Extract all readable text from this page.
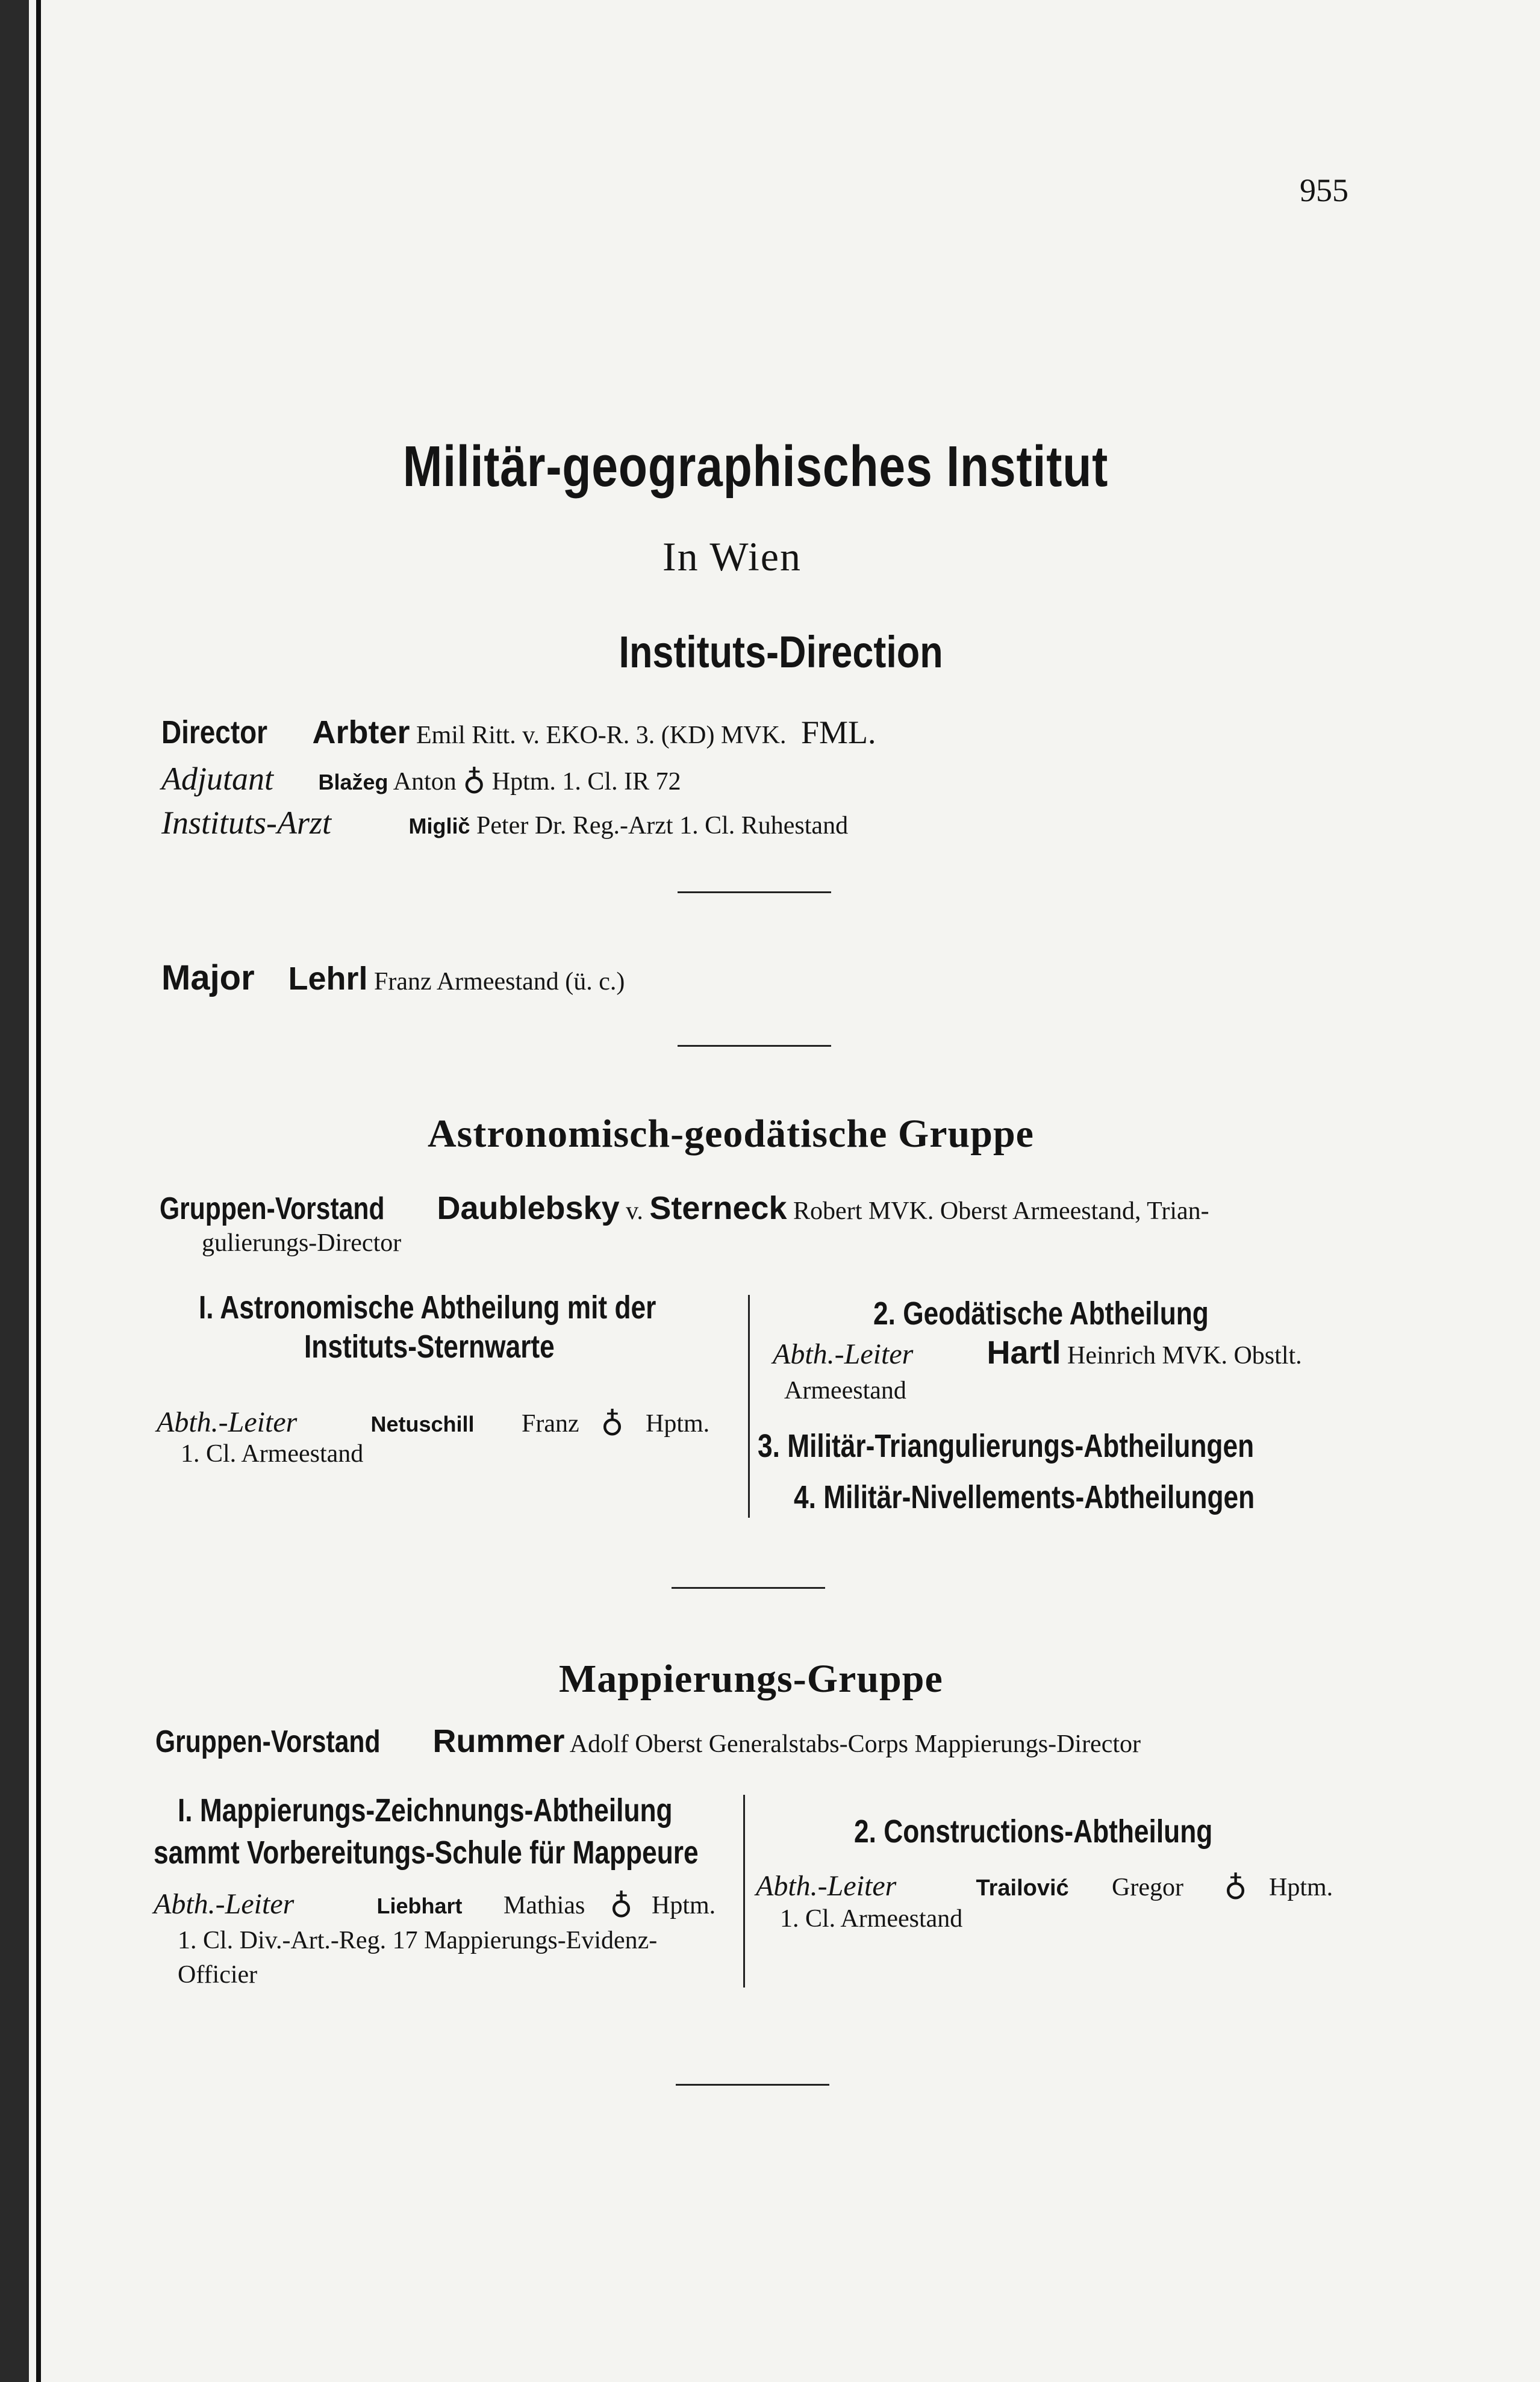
955
Militär-geographisches Institut
In Wien
Instituts-Direction
Director Arbter Emil Ritt. v. EKO-R. 3. (KD) MVK. FML.
Adjutant Blažeg Anton ♁ Hptm. 1. Cl. IR 72
Instituts-Arzt	Miglič Peter Dr. Reg.-Arzt 1. Cl. Ruhestand
Major Lehrl Franz Armeestand (ü. c.)
Astronomisch-geodätische Gruppe
Gruppen-Vorstand Daublebsky v. Sterneck Robert MVK. Oberst Armeestand, Trian-
gulierungs-Director
I. Astronomische Abtheilung mit der
Instituts-Sternwarte
Abth.-Leiter	Netuschill Franz ♁ Hptm.
1. Cl. Armeestand
2. Geodätische Abtheilung
Abth.-Leiter Hartl Heinrich MVK. Obstlt.
Armeestand
3. Militär-Triangulierungs-Abtheilungen
4. Militär-Nivellements-Abtheilungen
Mappierungs-Gruppe
Gruppen-Vorstand Rummer Adolf Oberst Generalstabs-Corps Mappierungs-Director
I. Mappierungs-Zeichnungs-Abtheilung
sammt Vorbereitungs-Schule für Mappeure
Abth.-Leiter	Liebhart Mathias ♁ Hptm.
1. Cl. Div.-Art.-Reg. 17 Mappierungs-Evidenz-
Officier
2. Constructions-Abtheilung
Abth.-Leiter	Trailović Gregor ♁ Hptm.
1. Cl. Armeestand
